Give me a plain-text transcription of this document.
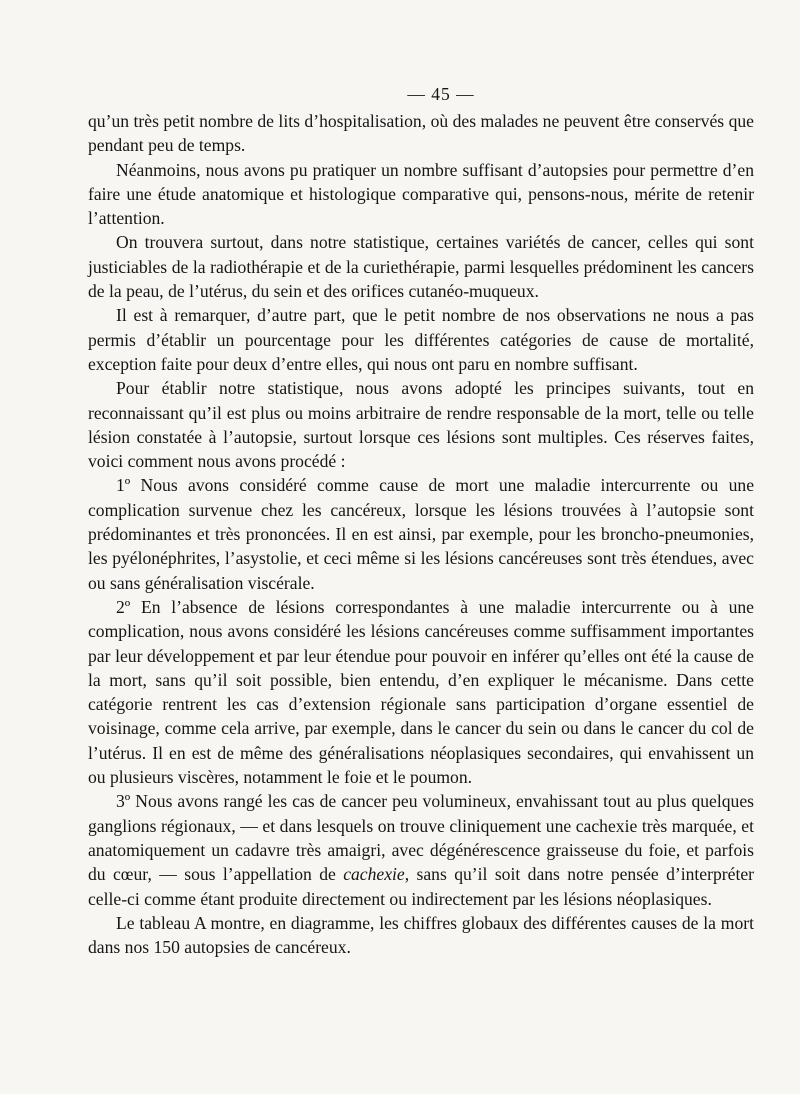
— 45 —

qu’un très petit nombre de lits d’hospitalisation, où des malades ne peuvent être conservés que pendant peu de temps.

Néanmoins, nous avons pu pratiquer un nombre suffisant d’autopsies pour permettre d’en faire une étude anatomique et histologique comparative qui, pensons-nous, mérite de retenir l’attention.

On trouvera surtout, dans notre statistique, certaines variétés de cancer, celles qui sont justiciables de la radiothérapie et de la curiethérapie, parmi lesquelles prédominent les cancers de la peau, de l’utérus, du sein et des orifices cutanéo-muqueux.

Il est à remarquer, d’autre part, que le petit nombre de nos observations ne nous a pas permis d’établir un pourcentage pour les différentes catégories de cause de mortalité, exception faite pour deux d’entre elles, qui nous ont paru en nombre suffisant.

Pour établir notre statistique, nous avons adopté les principes suivants, tout en reconnaissant qu’il est plus ou moins arbitraire de rendre responsable de la mort, telle ou telle lésion constatée à l’autopsie, surtout lorsque ces lésions sont multiples. Ces réserves faites, voici comment nous avons procédé :

1º Nous avons considéré comme cause de mort une maladie intercurrente ou une complication survenue chez les cancéreux, lorsque les lésions trouvées à l’autopsie sont prédominantes et très prononcées. Il en est ainsi, par exemple, pour les broncho-pneumonies, les pyélonéphrites, l’asystolie, et ceci même si les lésions cancéreuses sont très étendues, avec ou sans généralisation viscérale.

2º En l’absence de lésions correspondantes à une maladie intercurrente ou à une complication, nous avons considéré les lésions cancéreuses comme suffisamment importantes par leur développement et par leur étendue pour pouvoir en inférer qu’elles ont été la cause de la mort, sans qu’il soit possible, bien entendu, d’en expliquer le mécanisme. Dans cette catégorie rentrent les cas d’extension régionale sans participation d’organe essentiel de voisinage, comme cela arrive, par exemple, dans le cancer du sein ou dans le cancer du col de l’utérus. Il en est de même des généralisations néoplasiques secondaires, qui envahissent un ou plusieurs viscères, notamment le foie et le poumon.

3º Nous avons rangé les cas de cancer peu volumineux, envahissant tout au plus quelques ganglions régionaux, — et dans lesquels on trouve cliniquement une cachexie très marquée, et anatomiquement un cadavre très amaigri, avec dégénérescence graisseuse du foie, et parfois du cœur, — sous l’appellation de cachexie, sans qu’il soit dans notre pensée d’interpréter celle-ci comme étant produite directement ou indirectement par les lésions néoplasiques.

Le tableau A montre, en diagramme, les chiffres globaux des différentes causes de la mort dans nos 150 autopsies de cancéreux.
